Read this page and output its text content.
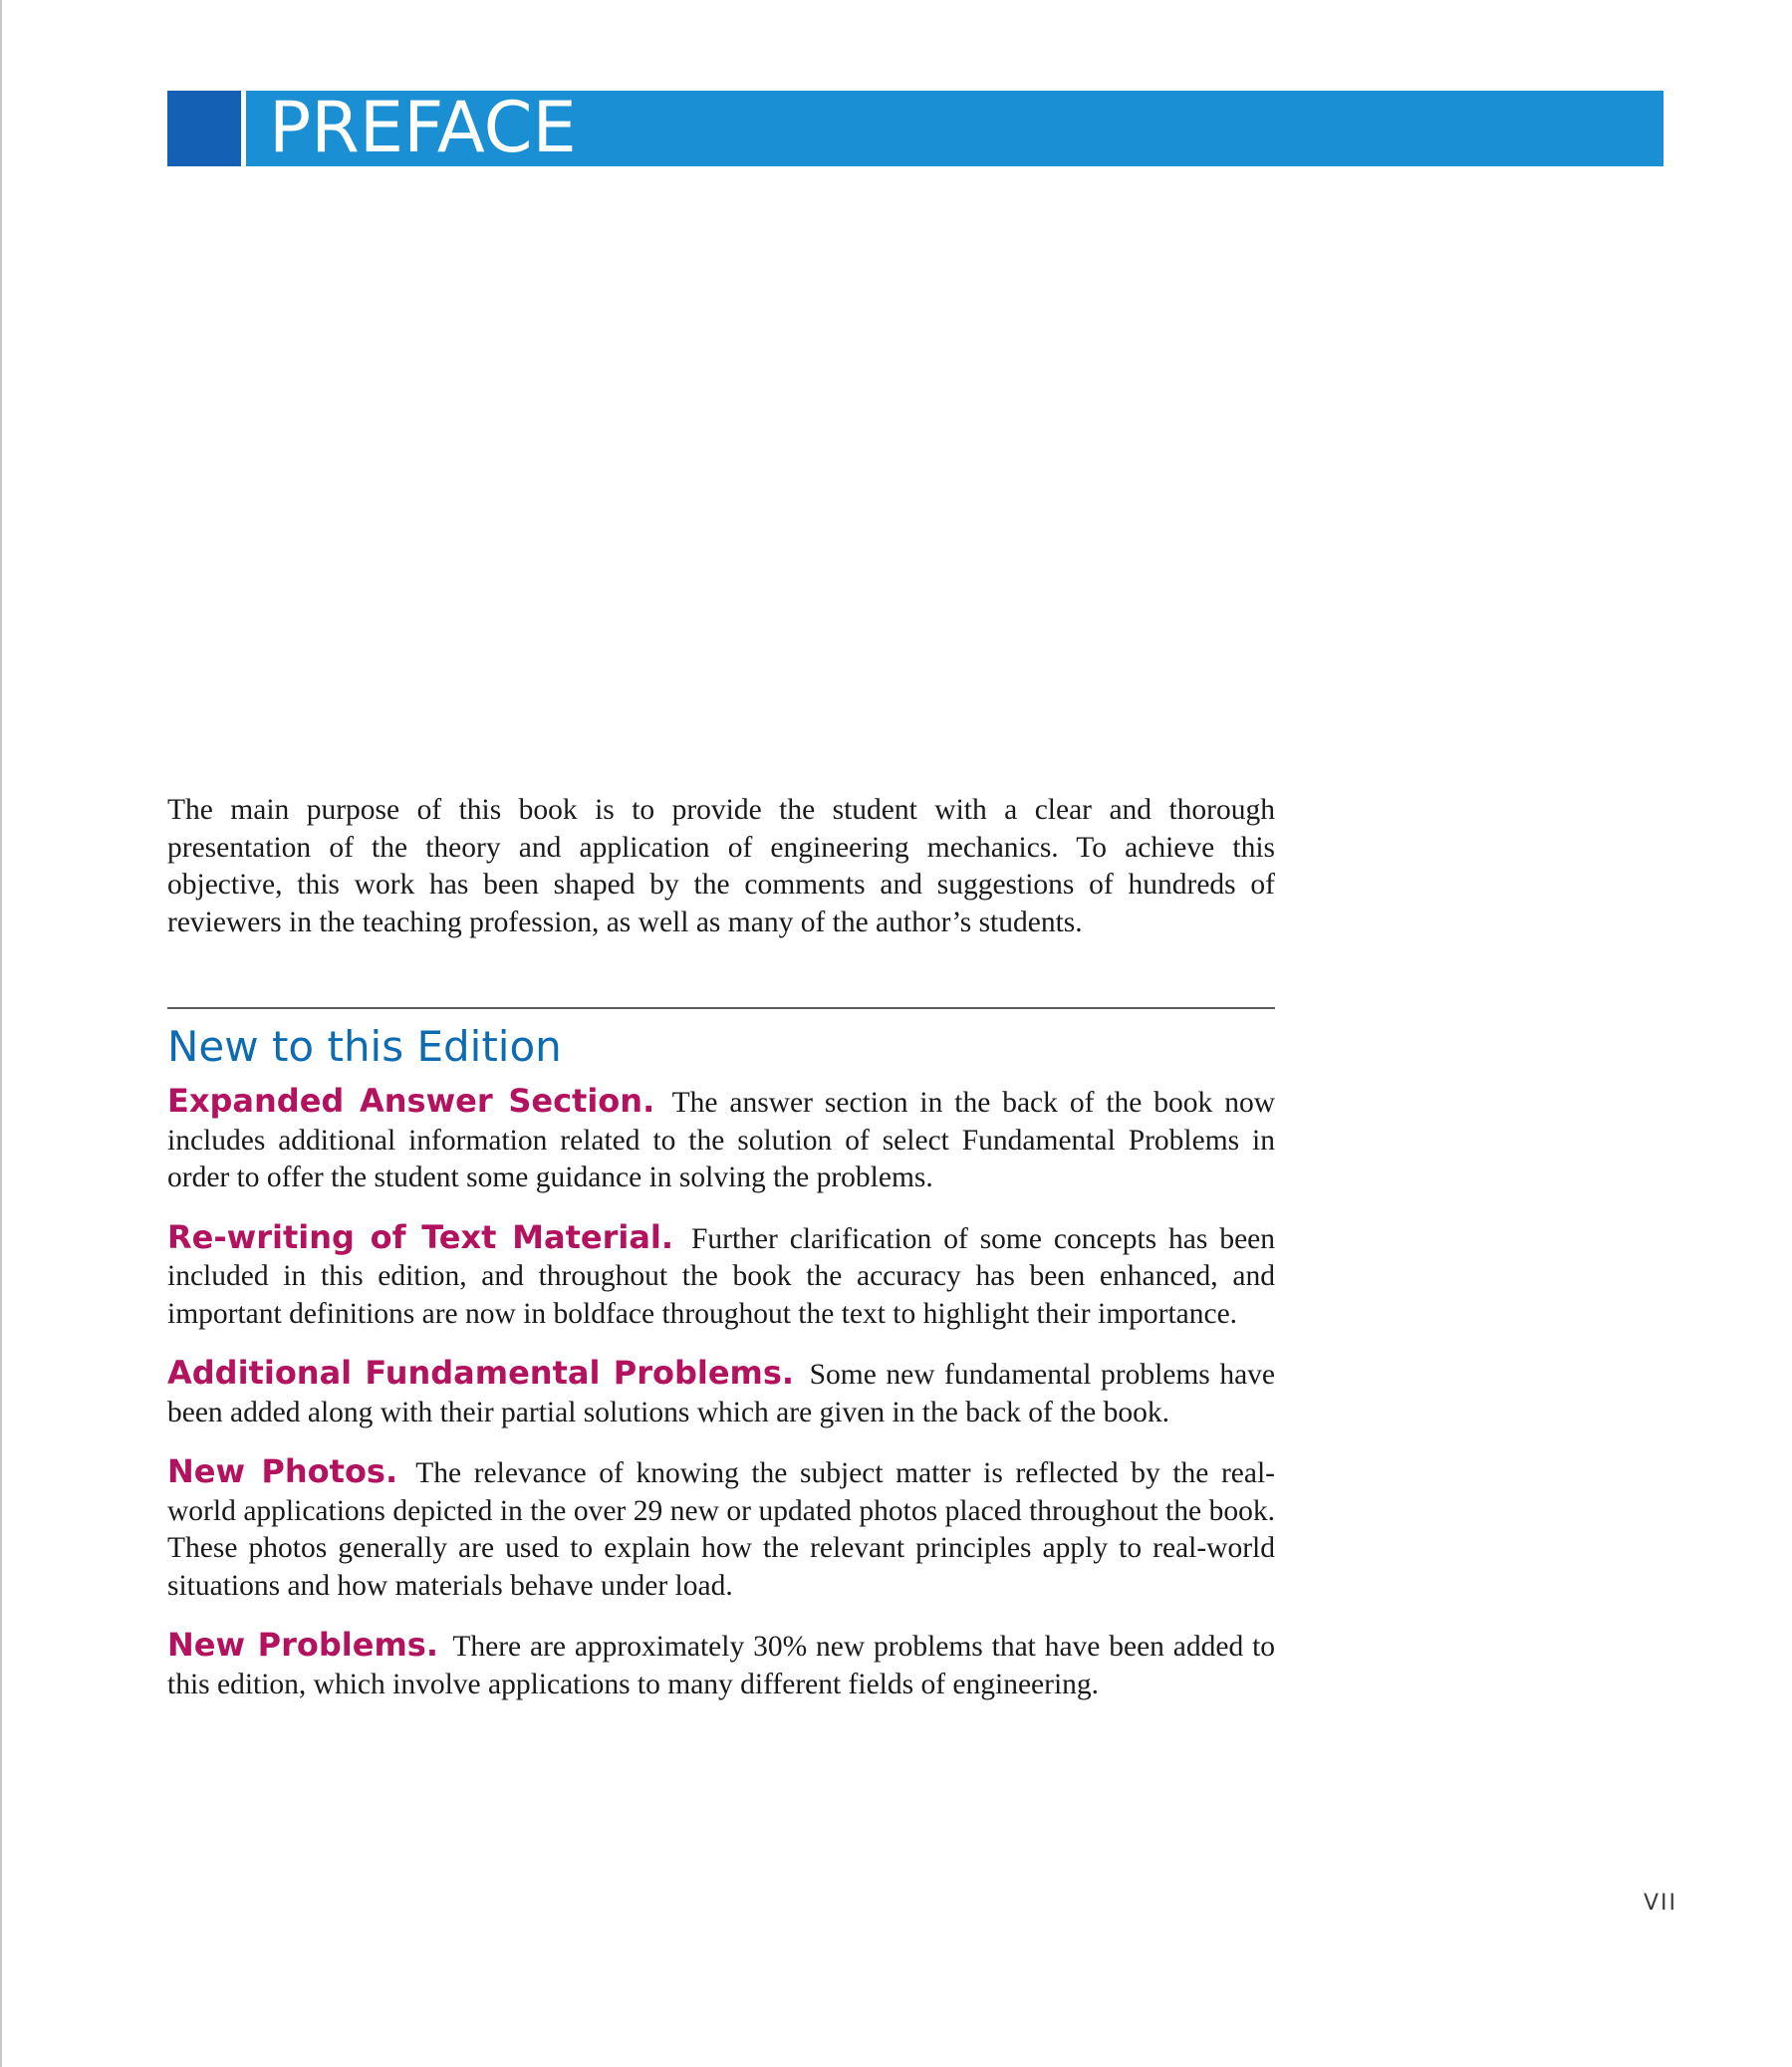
PREFACE

The main purpose of this book is to provide the student with a clear and thorough presentation of the theory and application of engineering mechanics. To achieve this objective, this work has been shaped by the comments and suggestions of hundreds of reviewers in the teaching profession, as well as many of the author’s students.

New to this Edition

Expanded Answer Section. The answer section in the back of the book now includes additional information related to the solution of select Fundamental Problems in order to offer the student some guidance in solving the problems.

Re-writing of Text Material. Further clarification of some concepts has been included in this edition, and throughout the book the accuracy has been enhanced, and important definitions are now in boldface throughout the text to highlight their importance.

Additional Fundamental Problems. Some new fundamental problems have been added along with their partial solutions which are given in the back of the book.

New Photos. The relevance of knowing the subject matter is reflected by the real-world applications depicted in the over 29 new or updated photos placed throughout the book. These photos generally are used to explain how the relevant principles apply to real-world situations and how materials behave under load.

New Problems. There are approximately 30% new problems that have been added to this edition, which involve applications to many different fields of engineering.

VII
